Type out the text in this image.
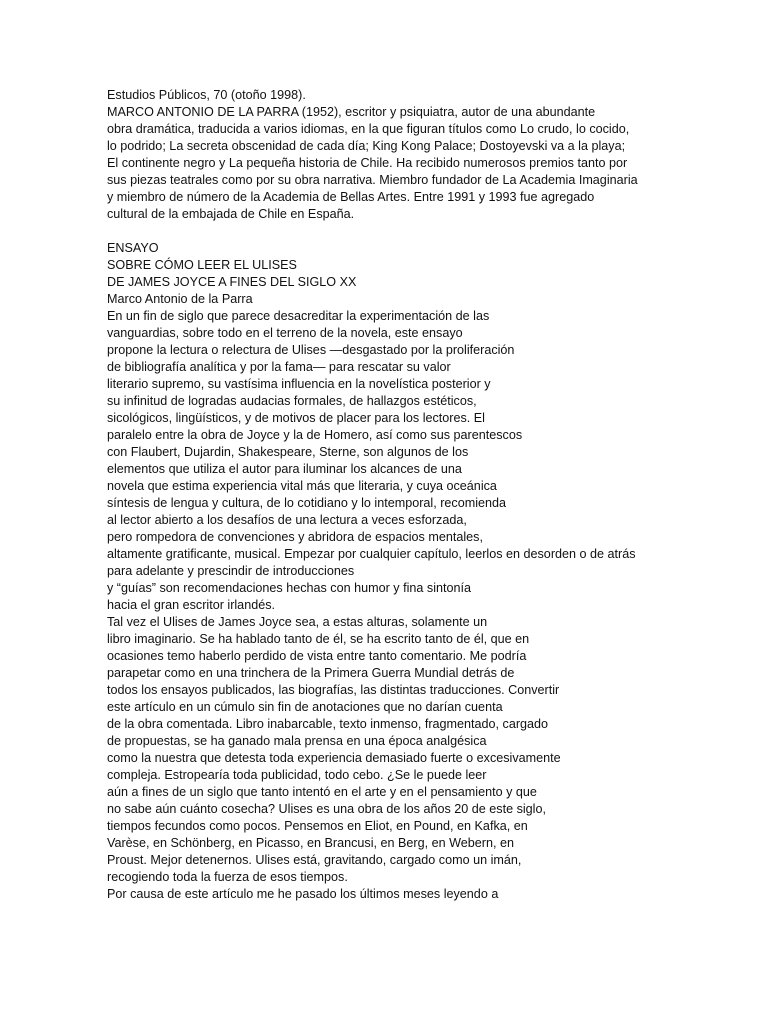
Estudios Públicos, 70 (otoño 1998).
MARCO ANTONIO DE LA PARRA (1952), escritor y psiquiatra, autor de una abundante
obra dramática, traducida a varios idiomas, en la que figuran títulos como Lo crudo, lo cocido,
lo podrido; La secreta obscenidad de cada día; King Kong Palace; Dostoyevski va a la playa;
El continente negro y La pequeña historia de Chile. Ha recibido numerosos premios tanto por
sus piezas teatrales como por su obra narrativa. Miembro fundador de La Academia Imaginaria
y miembro de número de la Academia de Bellas Artes. Entre 1991 y 1993 fue agregado
cultural de la embajada de Chile en España.
ENSAYO
SOBRE CÓMO LEER EL ULISES
DE JAMES JOYCE A FINES DEL SIGLO XX
Marco Antonio de la Parra
En un fin de siglo que parece desacreditar la experimentación de las
vanguardias, sobre todo en el terreno de la novela, este ensayo
propone la lectura o relectura de Ulises —desgastado por la proliferación
de bibliografía analítica y por la fama— para rescatar su valor
literario supremo, su vastísima influencia en la novelística posterior y
su infinitud de logradas audacias formales, de hallazgos estéticos,
sicológicos, lingüísticos, y de motivos de placer para los lectores. El
paralelo entre la obra de Joyce y la de Homero, así como sus parentescos
con Flaubert, Dujardin, Shakespeare, Sterne, son algunos de los
elementos que utiliza el autor para iluminar los alcances de una
novela que estima experiencia vital más que literaria, y cuya oceánica
síntesis de lengua y cultura, de lo cotidiano y lo intemporal, recomienda
al lector abierto a los desafíos de una lectura a veces esforzada,
pero rompedora de convenciones y abridora de espacios mentales,
altamente gratificante, musical. Empezar por cualquier capítulo, leerlos en desorden o de atrás
para adelante y prescindir de introducciones
y “guías” son recomendaciones hechas con humor y fina sintonía
hacia el gran escritor irlandés.
Tal vez el Ulises de James Joyce sea, a estas alturas, solamente un
libro imaginario. Se ha hablado tanto de él, se ha escrito tanto de él, que en
ocasiones temo haberlo perdido de vista entre tanto comentario. Me podría
parapetar como en una trinchera de la Primera Guerra Mundial detrás de
todos los ensayos publicados, las biografías, las distintas traducciones. Convertir
este artículo en un cúmulo sin fin de anotaciones que no darían cuenta
de la obra comentada. Libro inabarcable, texto inmenso, fragmentado, cargado
de propuestas, se ha ganado mala prensa en una época analgésica
como la nuestra que detesta toda experiencia demasiado fuerte o excesivamente
compleja. Estropearía toda publicidad, todo cebo. ¿Se le puede leer
aún a fines de un siglo que tanto intentó en el arte y en el pensamiento y que
no sabe aún cuánto cosecha? Ulises es una obra de los años 20 de este siglo,
tiempos fecundos como pocos. Pensemos en Eliot, en Pound, en Kafka, en
Varèse, en Schönberg, en Picasso, en Brancusi, en Berg, en Webern, en
Proust. Mejor detenernos. Ulises está, gravitando, cargado como un imán,
recogiendo toda la fuerza de esos tiempos.
Por causa de este artículo me he pasado los últimos meses leyendo a
